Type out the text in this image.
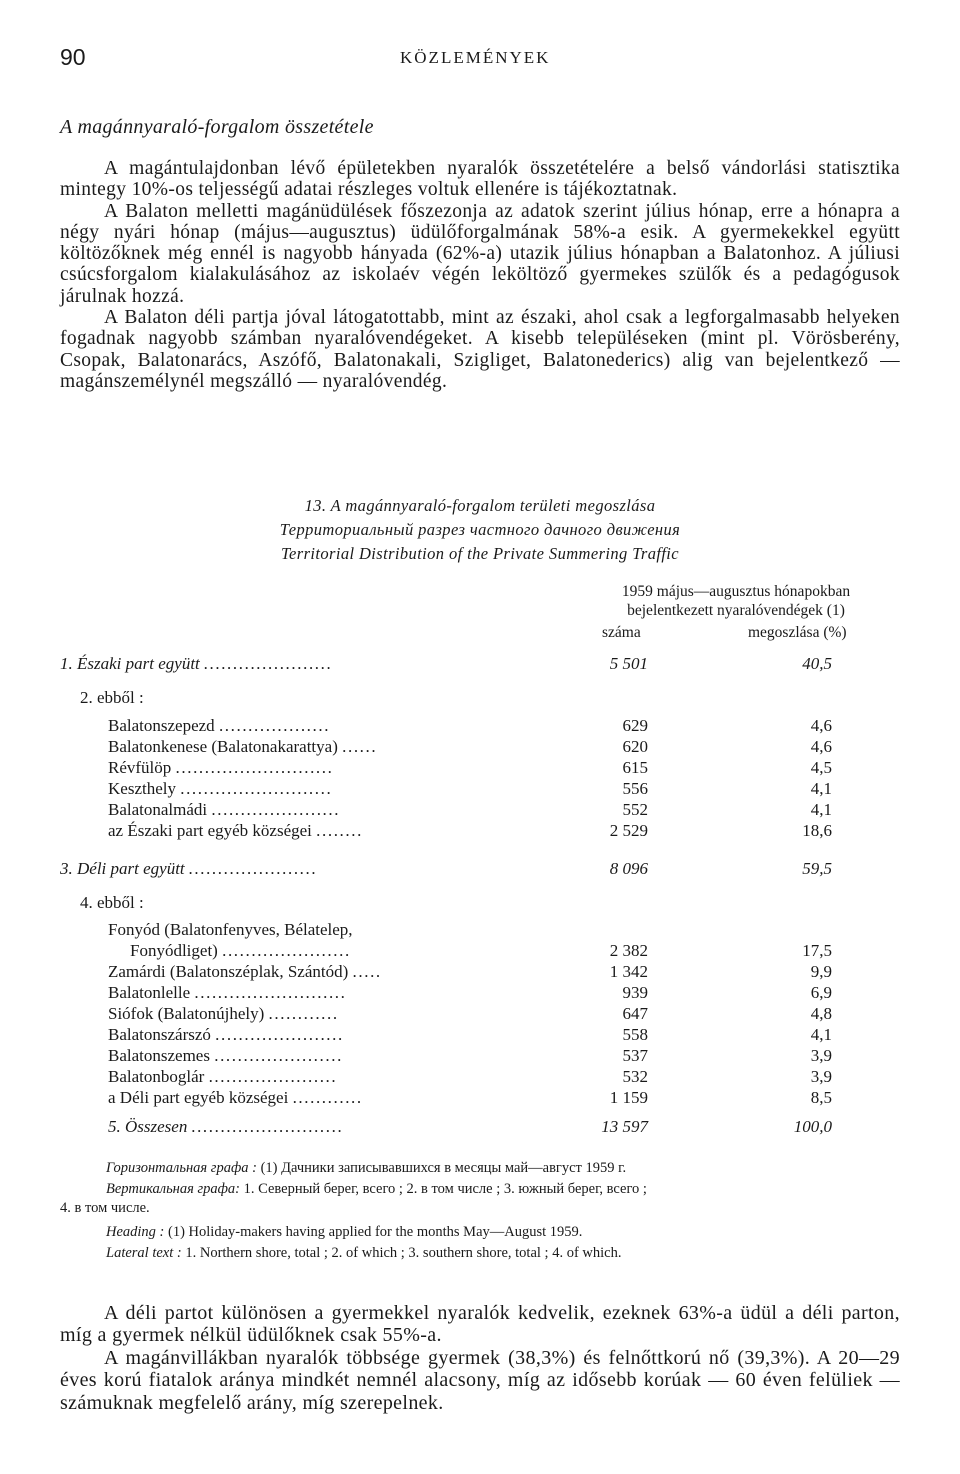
90	KÖZLEMÉNYEK
A magánnyaraló-forgalom összetétele

A magántulajdonban lévő épületekben nyaralók összetételére a belső vándorlási statisztika mintegy 10%-os teljességű adatai részleges voltuk ellenére is tájékoztatnak.

A Balaton melletti magánüdülések főszezonja az adatok szerint július hónap, erre a hónapra a négy nyári hónap (május—augusztus) üdülőforgalmának 58%-a esik. A gyermekekkel együtt költözőknek még ennél is nagyobb hányada (62%-a) utazik július hónapban a Balatonhoz. A júliusi csúcsforgalom kialakulásához az iskolaév végén leköltöző gyermekes szülők és a pedagógusok járulnak hozzá.

A Balaton déli partja jóval látogatottabb, mint az északi, ahol csak a legforgalmasabb helyeken fogadnak nagyobb számban nyaralóvendégeket. A kisebb településeken (mint pl. Vörösberény, Csopak, Balatonarács, Aszófő, Balatonakali, Szigliget, Balatonederics) alig van bejelentkező — magánszemélynél megszálló — nyaralóvendég.

13. A magánnyaraló-forgalom területi megoszlása
Территориальный разрез частного дачного движения
Territorial Distribution of the Private Summering Traffic
1959 május—augusztus hónapokban
bejelentkezett nyaralóvendégek (1)
száma	megoszlása (%)
1. Északi part együtt ......................	5 501	40,5
2. ebből :
Balatonszepezd ...................	629	4,6
Balatonkenese (Balatonakarattya) ......	620	4,6
Révfülöp ...........................	615	4,5
Keszthely ..........................	556	4,1
Balatonalmádi ......................	552	4,1
az Északi part egyéb községei ........	2 529	18,6
3. Déli part együtt ......................	8 096	59,5
4. ebből :
Fonyód (Balatonfenyves, Bélatelep,
Fonyódliget) ......................	2 382	17,5
Zamárdi (Balatonszéplak, Szántód) .....	1 342	9,9
Balatonlelle ..........................	939	6,9
Siófok (Balatonújhely) ............	647	4,8
Balatonszárszó ......................	558	4,1
Balatonszemes ......................	537	3,9
Balatonboglár ......................	532	3,9
a Déli part egyéb községei ............	1 159	8,5
5. Összesen ..........................	13 597	100,0
Горизонтальная графа : (1) Дачники записывавшихся в месяцы май—август 1959 г.
Вертикальная графа: 1. Северный берег, всего ; 2. в том числе ; 3. южный берег, всего ;
4. в том числе.
Heading : (1) Holiday-makers having applied for the months May—August 1959.
Lateral text : 1. Northern shore, total ; 2. of which ; 3. southern shore, total ; 4. of which.

A déli partot különösen a gyermekkel nyaralók kedvelik, ezeknek 63%-a üdül a déli parton, míg a gyermek nélkül üdülőknek csak 55%-a.

A magánvillákban nyaralók többsége gyermek (38,3%) és felnőttkorú nő (39,3%). A 20—29 éves korú fiatalok aránya mindkét nemnél alacsony, míg az idősebb korúak — 60 éven felüliek — számuknak megfelelő arány, míg szerepelnek.
